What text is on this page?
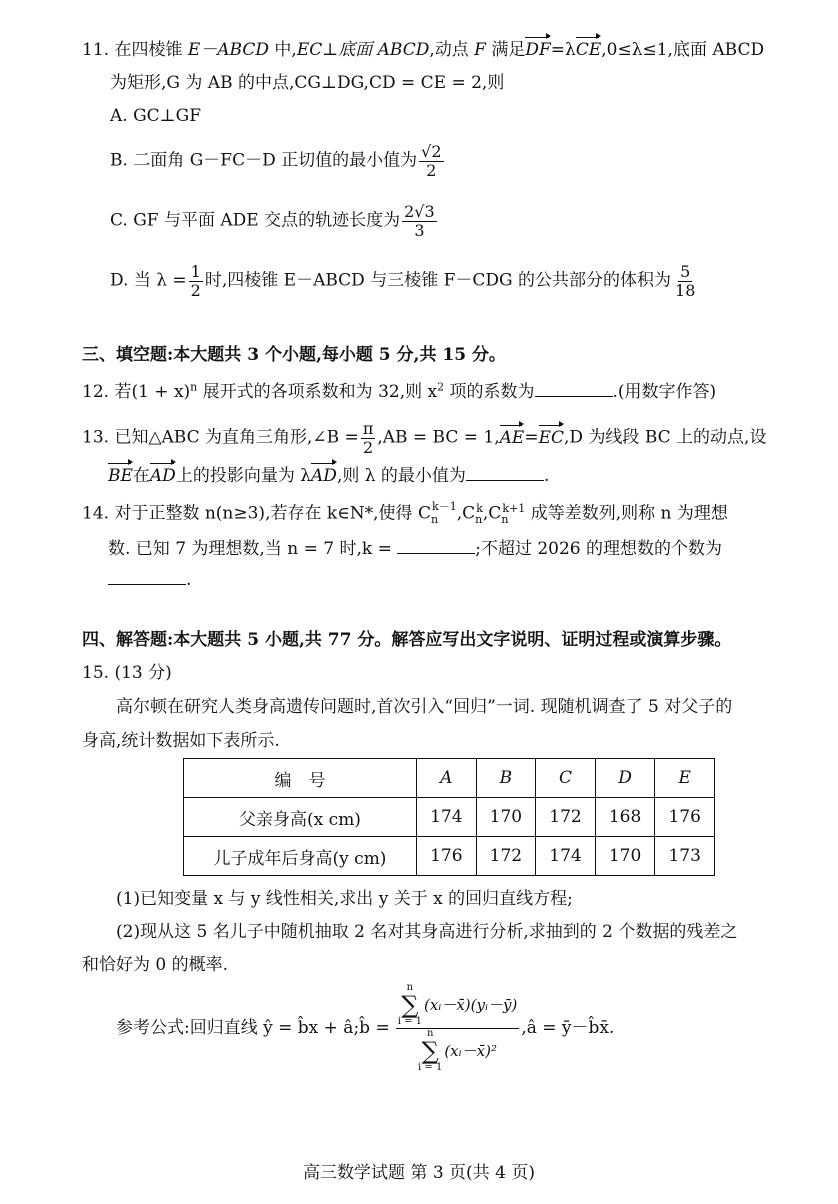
11. 在四棱锥 E－ABCD 中,EC⊥底面 ABCD,动点 F 满足DF=λCE,0≤λ≤1,底面 ABCD
为矩形,G 为 AB 的中点,CG⊥DG,CD = CE = 2,则
A. GC⊥GF
B. 二面角 G－FC－D 正切值的最小值为 $\frac{√2}{2}$
C. GF 与平面 ADE 交点的轨迹长度为 $\frac{2√3}{3}$
D. 当 $\lambda = \frac{1}{2}$ 时,四棱锥 E－ABCD 与三棱锥 F－CDG 的公共部分的体积为 $\frac{5}{18}$
三、填空题:本大题共 3 个小题,每小题 5 分,共 15 分。
12. 若$(1 + x)^n$ 展开式的各项系数和为 32,则 $x^2$ 项的系数为	.(用数字作答)
13. 已知△ABC 为直角三角形,∠B = $\frac{\pi}{2} ,AB$ = BC = 1,AE=EC,D 为线段 BC 上的动点,设
BE在AD上的投影向量为 λAD,则 λ 的最小值为	.
14. 对于正整数 n(n≥3),若存在 k∈N*,使得 $C_n^{k-1},C_n^k,C_n^{k+1}$ 成等差数列,则称 n 为理想
数. 已知 7 为理想数,当 n = 7 时,k =	;不超过 2026 的理想数的个数为
.
四、解答题:本大题共 5 小题,共 77 分。解答应写出文字说明、证明过程或演算步骤。
15. (13 分)
高尔顿在研究人类身高遗传问题时,首次引入“回归”一词. 现随机调查了 5 对父子的
身高,统计数据如下表所示.
编　号	A	B	C	D	E
父亲身高(x cm)	174	170	172	168	176
儿子成年后身高(y cm)	176	172	174	170	173
(1)已知变量 x 与 y 线性相关,求出 y 关于 x 的回归直线方程;
(2)现从这 5 名儿子中随机抽取 2 名对其身高进行分析,求抽到的 2 个数据的残差之
和恰好为 0 的概率.
参考公式:回归直线 ŷ = b̂x + â;b̂ = n
∑
i = 1
(xᵢ－x̄)(yᵢ－ȳ)
n
∑
i = 1
(xᵢ－x̄)² ,â = ȳ－b̂x̄.
高三数学试题 第 3 页(共 4 页)
